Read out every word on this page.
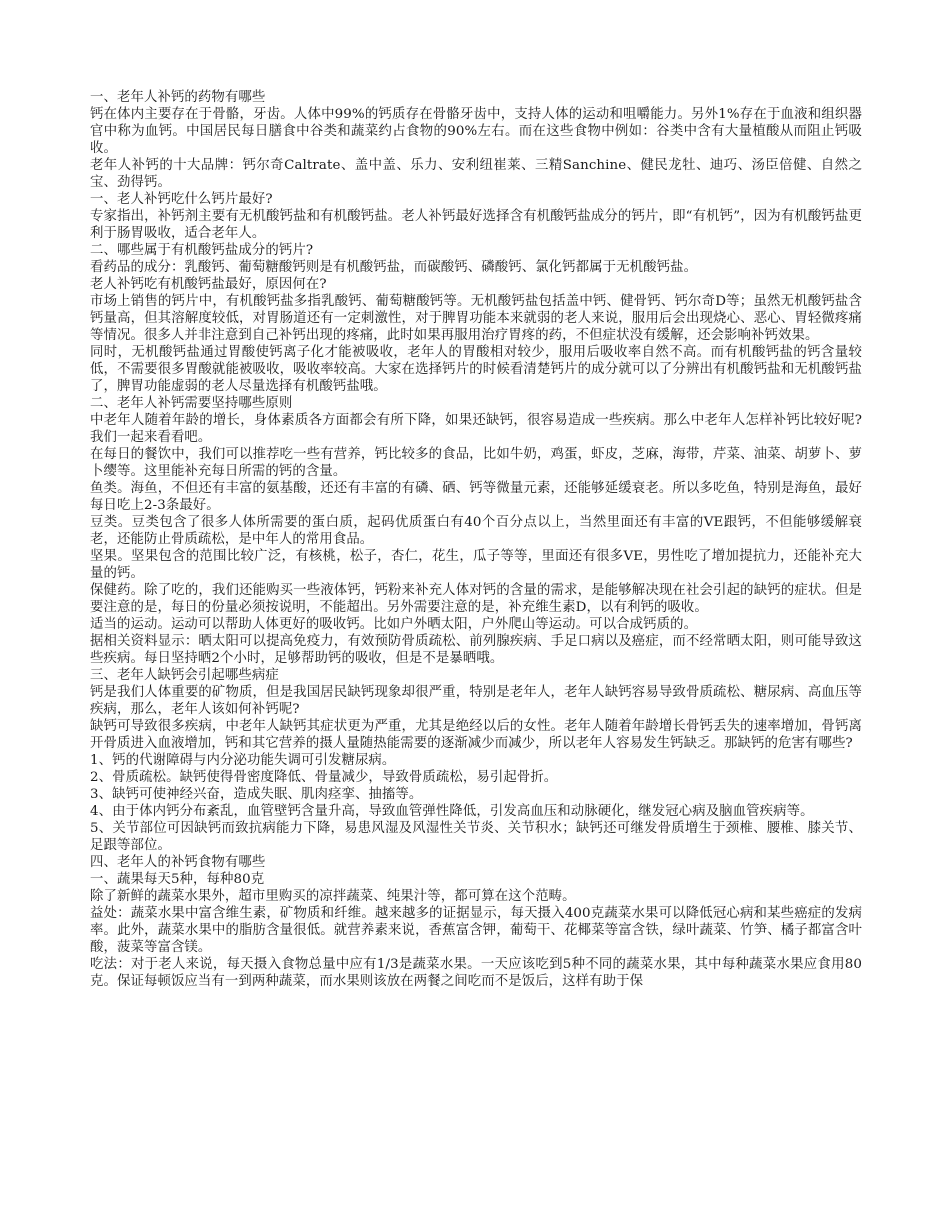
一、老年人补钙的药物有哪些

钙在体内主要存在于骨骼，牙齿。人体中99%的钙质存在骨骼牙齿中，支持人体的运动和咀嚼能力。另外1%存在于血液和组织器官中称为血钙。中国居民每日膳食中谷类和蔬菜约占食物的90%左右。而在这些食物中例如：谷类中含有大量植酸从而阻止钙吸收。

老年人补钙的十大品牌：钙尔奇Caltrate、盖中盖、乐力、安利纽崔莱、三精Sanchine、健民龙牡、迪巧、汤臣倍健、自然之宝、劲得钙。

一、老人补钙吃什么钙片最好?

专家指出，补钙剂主要有无机酸钙盐和有机酸钙盐。老人补钙最好选择含有机酸钙盐成分的钙片，即“有机钙”，因为有机酸钙盐更利于肠胃吸收，适合老年人。

二、哪些属于有机酸钙盐成分的钙片?

看药品的成分：乳酸钙、葡萄糖酸钙则是有机酸钙盐，而碳酸钙、磷酸钙、氯化钙都属于无机酸钙盐。

老人补钙吃有机酸钙盐最好，原因何在?

市场上销售的钙片中，有机酸钙盐多指乳酸钙、葡萄糖酸钙等。无机酸钙盐包括盖中钙、健骨钙、钙尔奇D等；虽然无机酸钙盐含钙量高，但其溶解度较低，对胃肠道还有一定刺激性，对于脾胃功能本来就弱的老人来说，服用后会出现烧心、恶心、胃轻微疼痛等情况。很多人并非注意到自己补钙出现的疼痛，此时如果再服用治疗胃疼的药，不但症状没有缓解，还会影响补钙效果。

同时，无机酸钙盐通过胃酸使钙离子化才能被吸收，老年人的胃酸相对较少，服用后吸收率自然不高。而有机酸钙盐的钙含量较低，不需要很多胃酸就能被吸收，吸收率较高。大家在选择钙片的时候看清楚钙片的成分就可以了分辨出有机酸钙盐和无机酸钙盐了，脾胃功能虚弱的老人尽量选择有机酸钙盐哦。

二、老年人补钙需要坚持哪些原则

中老年人随着年龄的增长，身体素质各方面都会有所下降，如果还缺钙，很容易造成一些疾病。那么中老年人怎样补钙比较好呢?我们一起来看看吧。

在每日的餐饮中，我们可以推荐吃一些有营养，钙比较多的食品，比如牛奶，鸡蛋，虾皮，芝麻，海带，芹菜、油菜、胡萝卜、萝卜缨等。这里能补充每日所需的钙的含量。

鱼类。海鱼，不但还有丰富的氨基酸，还还有丰富的有磷、硒、钙等微量元素，还能够延缓衰老。所以多吃鱼，特别是海鱼，最好每日吃上2-3条最好。

豆类。豆类包含了很多人体所需要的蛋白质，起码优质蛋白有40个百分点以上，当然里面还有丰富的VE跟钙，不但能够缓解衰老，还能防止骨质疏松，是中年人的常用食品。

坚果。坚果包含的范围比较广泛，有核桃，松子，杏仁，花生，瓜子等等，里面还有很多VE，男性吃了增加提抗力，还能补充大量的钙。

保健药。除了吃的，我们还能购买一些液体钙，钙粉来补充人体对钙的含量的需求，是能够解决现在社会引起的缺钙的症状。但是要注意的是，每日的份量必须按说明，不能超出。另外需要注意的是，补充维生素D，以有利钙的吸收。

适当的运动。运动可以帮助人体更好的吸收钙。比如户外晒太阳，户外爬山等运动。可以合成钙质的。

据相关资料显示：晒太阳可以提高免疫力，有效预防骨质疏松、前列腺疾病、手足口病以及癌症，而不经常晒太阳，则可能导致这些疾病。每日坚持晒2个小时，足够帮助钙的吸收，但是不是暴晒哦。

三、老年人缺钙会引起哪些病症

钙是我们人体重要的矿物质，但是我国居民缺钙现象却很严重，特别是老年人，老年人缺钙容易导致骨质疏松、糖尿病、高血压等疾病，那么，老年人该如何补钙呢?

缺钙可导致很多疾病，中老年人缺钙其症状更为严重，尤其是绝经以后的女性。老年人随着年龄增长骨钙丢失的速率增加，骨钙离开骨质进入血液增加，钙和其它营养的摄人量随热能需要的逐渐减少而减少，所以老年人容易发生钙缺乏。那缺钙的危害有哪些?

1、钙的代谢障碍与内分泌功能失调可引发糖尿病。

2、骨质疏松。缺钙使得骨密度降低、骨量减少，导致骨质疏松，易引起骨折。

3、缺钙可使神经兴奋，造成失眠、肌肉痉挛、抽搐等。

4、由于体内钙分布紊乱，血管壁钙含量升高，导致血管弹性降低，引发高血压和动脉硬化，继发冠心病及脑血管疾病等。

5、关节部位可因缺钙而致抗病能力下降，易患风湿及风湿性关节炎、关节积水；缺钙还可继发骨质增生于颈椎、腰椎、膝关节、足跟等部位。

四、老年人的补钙食物有哪些

一、蔬果每天5种，每种80克

除了新鲜的蔬菜水果外，超市里购买的凉拌蔬菜、纯果汁等，都可算在这个范畴。

益处：蔬菜水果中富含维生素，矿物质和纤维。越来越多的证据显示，每天摄入400克蔬菜水果可以降低冠心病和某些癌症的发病率。此外，蔬菜水果中的脂肪含量很低。就营养素来说，香蕉富含钾，葡萄干、花椰菜等富含铁，绿叶蔬菜、竹笋、橘子都富含叶酸，菠菜等富含镁。

吃法：对于老人来说，每天摄入食物总量中应有1/3是蔬菜水果。一天应该吃到5种不同的蔬菜水果，其中每种蔬菜水果应食用80克。保证每顿饭应当有一到两种蔬菜，而水果则该放在两餐之间吃而不是饭后，这样有助于保
